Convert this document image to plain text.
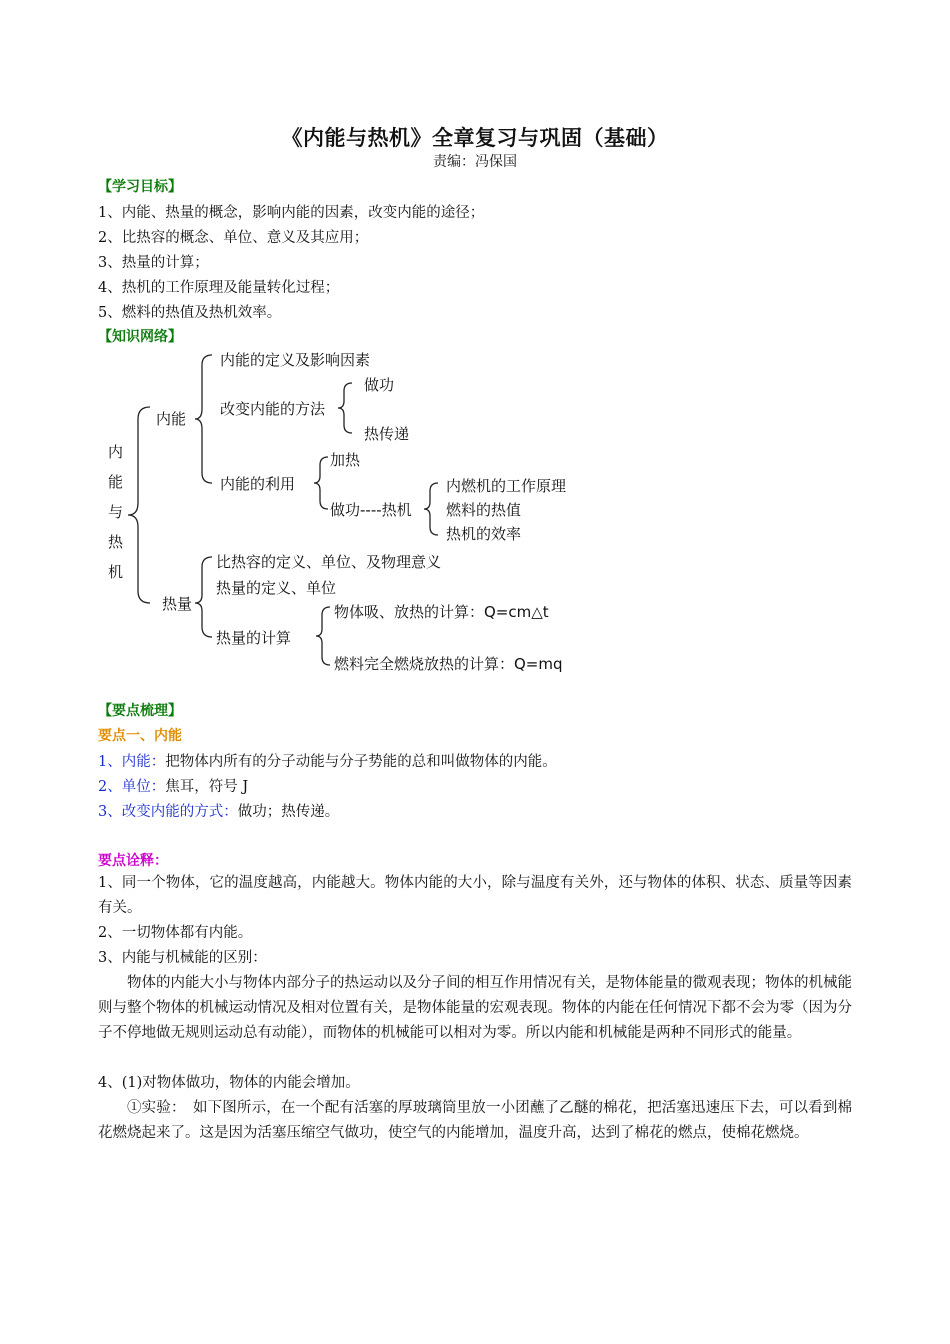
《内能与热机》全章复习与巩固（基础）
责编：冯保国
【学习目标】
1、内能、热量的概念，影响内能的因素，改变内能的途径；
2、比热容的概念、单位、意义及其应用；
3、热量的计算；
4、热机的工作原理及能量转化过程；
5、燃料的热值及热机效率。
【知识网络】
内
能
与
热
机
内能
内能的定义及影响因素
改变内能的方法
做功
热传递
内能的利用
加热
做功----热机
内燃机的工作原理
燃料的热值
热机的效率
热量
比热容的定义、单位、及物理意义
热量的定义、单位
热量的计算
物体吸、放热的计算：Q=cm△t
燃料完全燃烧放热的计算：Q=mq
【要点梳理】
要点一、内能
1、内能：把物体内所有的分子动能与分子势能的总和叫做物体的内能。
2、单位：焦耳，符号 J
3、改变内能的方式：做功；热传递。
要点诠释：
1、同一个物体，它的温度越高，内能越大。物体内能的大小，除与温度有关外，还与物体的体积、状态、质量等因素有关。
2、一切物体都有内能。
3、内能与机械能的区别：
物体的内能大小与物体内部分子的热运动以及分子间的相互作用情况有关，是物体能量的微观表现；物体的机械能则与整个物体的机械运动情况及相对位置有关，是物体能量的宏观表现。物体的内能在任何情况下都不会为零（因为分子不停地做无规则运动总有动能），而物体的机械能可以相对为零。所以内能和机械能是两种不同形式的能量。
4、(1)对物体做功，物体的内能会增加。
①实验：　如下图所示，在一个配有活塞的厚玻璃筒里放一小团蘸了乙醚的棉花，把活塞迅速压下去，可以看到棉花燃烧起来了。这是因为活塞压缩空气做功，使空气的内能增加，温度升高，达到了棉花的燃点，使棉花燃烧。
